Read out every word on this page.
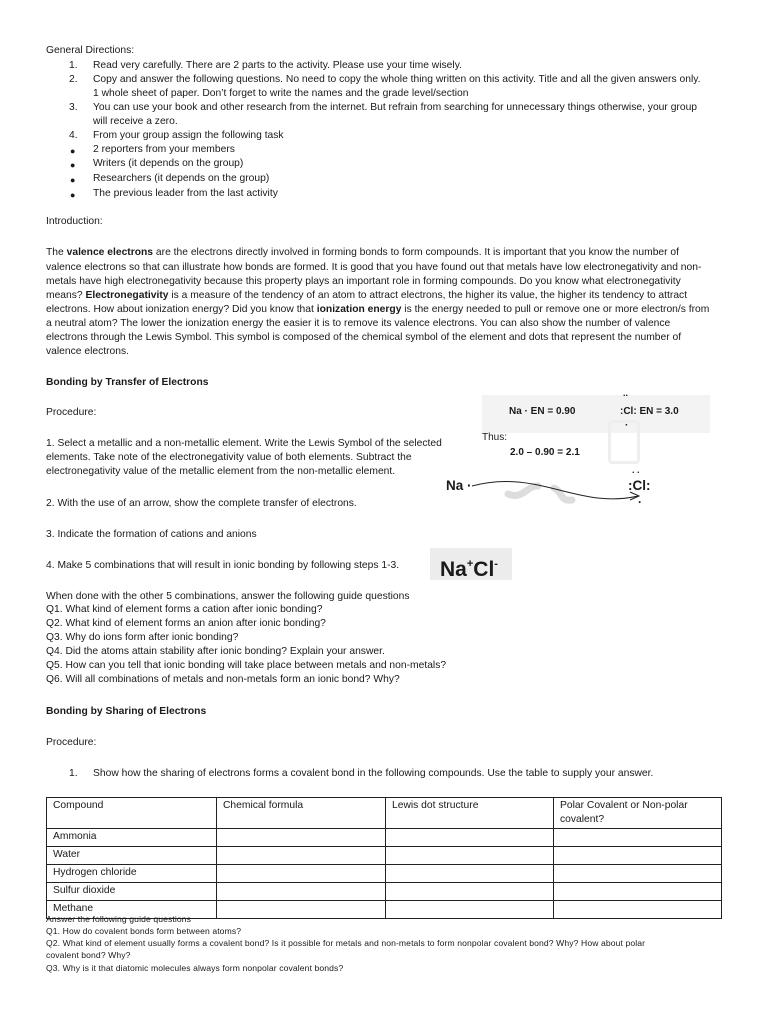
General Directions:
1. Read very carefully. There are 2 parts to the activity. Please use your time wisely.
2. Copy and answer the following questions. No need to copy the whole thing written on this activity. Title and all the given answers only.
1 whole sheet of paper. Don’t forget to write the names and the grade level/section
3. You can use your book and other research from the internet. But refrain from searching for unnecessary things otherwise, your group
will receive a zero.
4. From your group assign the following task
● 2 reporters from your members
● Writers (it depends on the group)
● Researchers (it depends on the group)
● The previous leader from the last activity
Introduction:
The valence electrons are the electrons directly involved in forming bonds to form compounds. It is important that you know the number of
valence electrons so that can illustrate how bonds are formed. It is good that you have found out that metals have low electronegativity and non-
metals have high electronegativity because this property plays an important role in forming compounds. Do you know what electronegativity
means? Electronegativity is a measure of the tendency of an atom to attract electrons, the higher its value, the higher its tendency to attract
electrons. How about ionization energy? Did you know that ionization energy is the energy needed to pull or remove one or more electron/s from
a neutral atom? The lower the ionization energy the easier it is to remove its valence electrons. You can also show the number of valence
electrons through the Lewis Symbol. This symbol is composed of the chemical symbol of the element and dots that represent the number of
valence electrons.
Bonding by Transfer of Electrons
Procedure:
1. Select a metallic and a non-metallic element. Write the Lewis Symbol of the selected
elements. Take note of the electronegativity value of both elements. Subtract the
electronegativity value of the metallic element from the non-metallic element.
2. With the use of an arrow, show the complete transfer of electrons.
3. Indicate the formation of cations and anions
4. Make 5 combinations that will result in ionic bonding by following steps 1-3.
When done with the other 5 combinations, answer the following guide questions
Q1. What kind of element forms a cation after ionic bonding?
Q2. What kind of element forms an anion after ionic bonding?
Q3. Why do ions form after ionic bonding?
Q4. Did the atoms attain stability after ionic bonding? Explain your answer.
Q5. How can you tell that ionic bonding will take place between metals and non-metals?
Q6. Will all combinations of metals and non-metals form an ionic bond? Why?
..
Na · EN = 0.90	:Cl: EN = 3.0
·
Thus:
2.0 – 0.90 = 2.1
. .
Na ·	:Cl:
·
Na+Cl-
Bonding by Sharing of Electrons
Procedure:
1. Show how the sharing of electrons forms a covalent bond in the following compounds. Use the table to supply your answer.
Compound	Chemical formula	Lewis dot structure	Polar Covalent or Non-polar covalent?
Ammonia			
Water			
Hydrogen chloride			
Sulfur dioxide			
Methane			
Answer the following guide questions
Q1. How do covalent bonds form between atoms?
Q2. What kind of element usually forms a covalent bond? Is it possible for metals and non-metals to form nonpolar covalent bond? Why? How about polar
covalent bond? Why?
Q3. Why is it that diatomic molecules always form nonpolar covalent bonds?
